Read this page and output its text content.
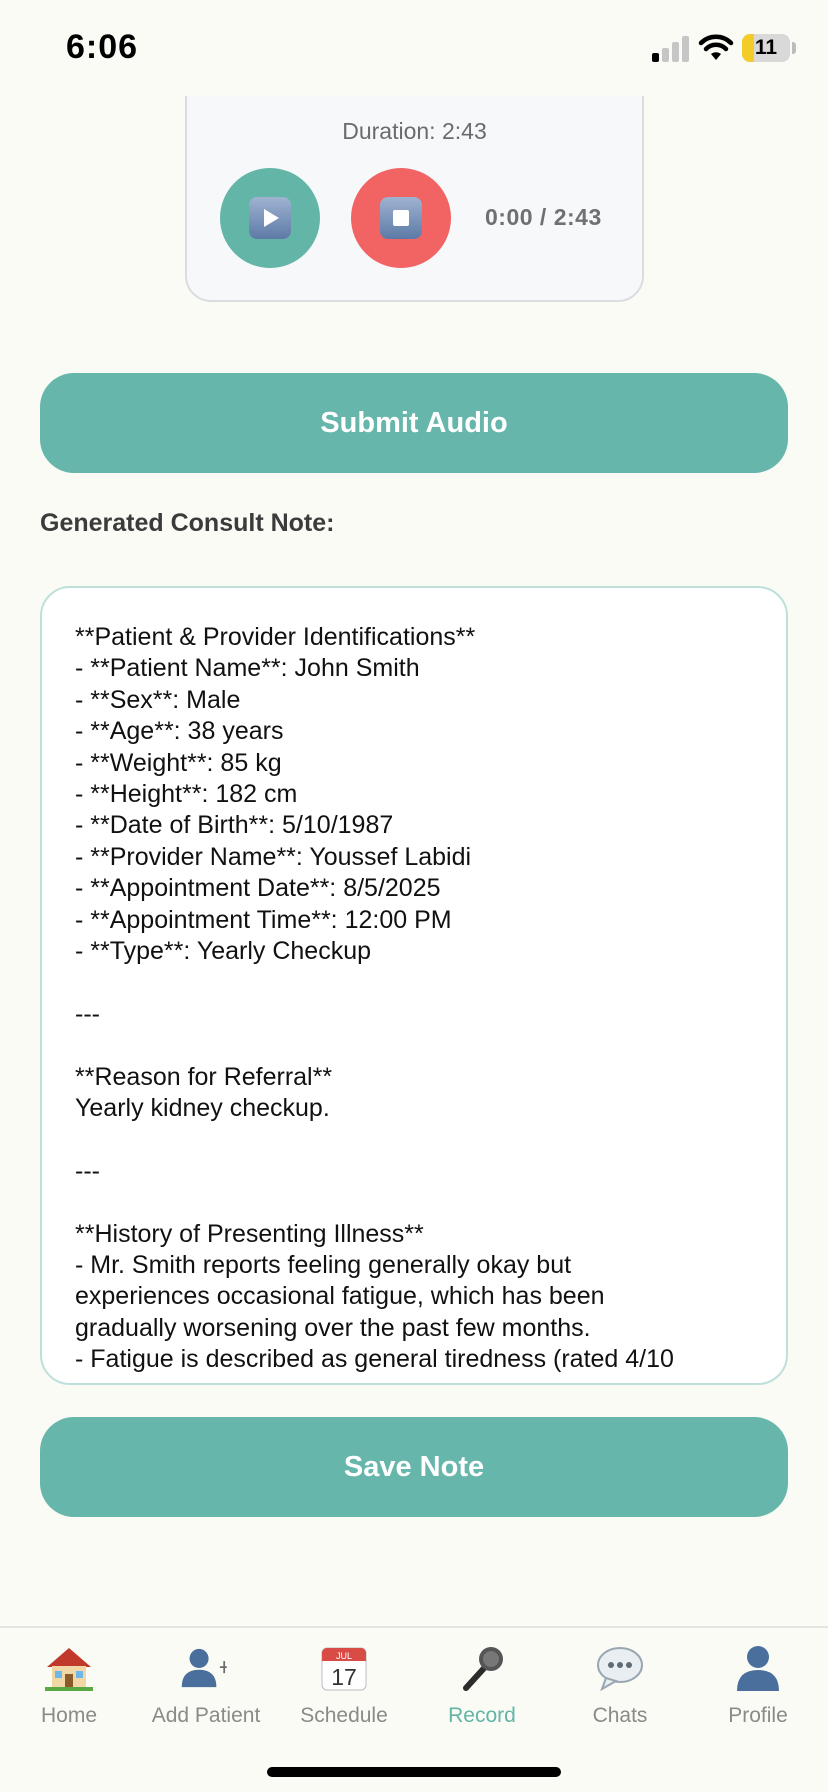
Duration: 2:43
0:00 / 2:43
6:06	11
Submit Audio
Generated Consult Note:
**Patient & Provider Identifications**
- **Patient Name**: John Smith
- **Sex**: Male
- **Age**: 38 years
- **Weight**: 85 kg
- **Height**: 182 cm
- **Date of Birth**: 5/10/1987
- **Provider Name**: Youssef Labidi
- **Appointment Date**: 8/5/2025
- **Appointment Time**: 12:00 PM
- **Type**: Yearly Checkup
---
**Reason for Referral**
Yearly kidney checkup.
---
**History of Presenting Illness**
- Mr. Smith reports feeling generally okay but
experiences occasional fatigue, which has been
gradually worsening over the past few months.
- Fatigue is described as general tiredness (rated 4/10
Save Note
Home	Add Patient
JUL
17
Schedule	Record	Chats	Profile
